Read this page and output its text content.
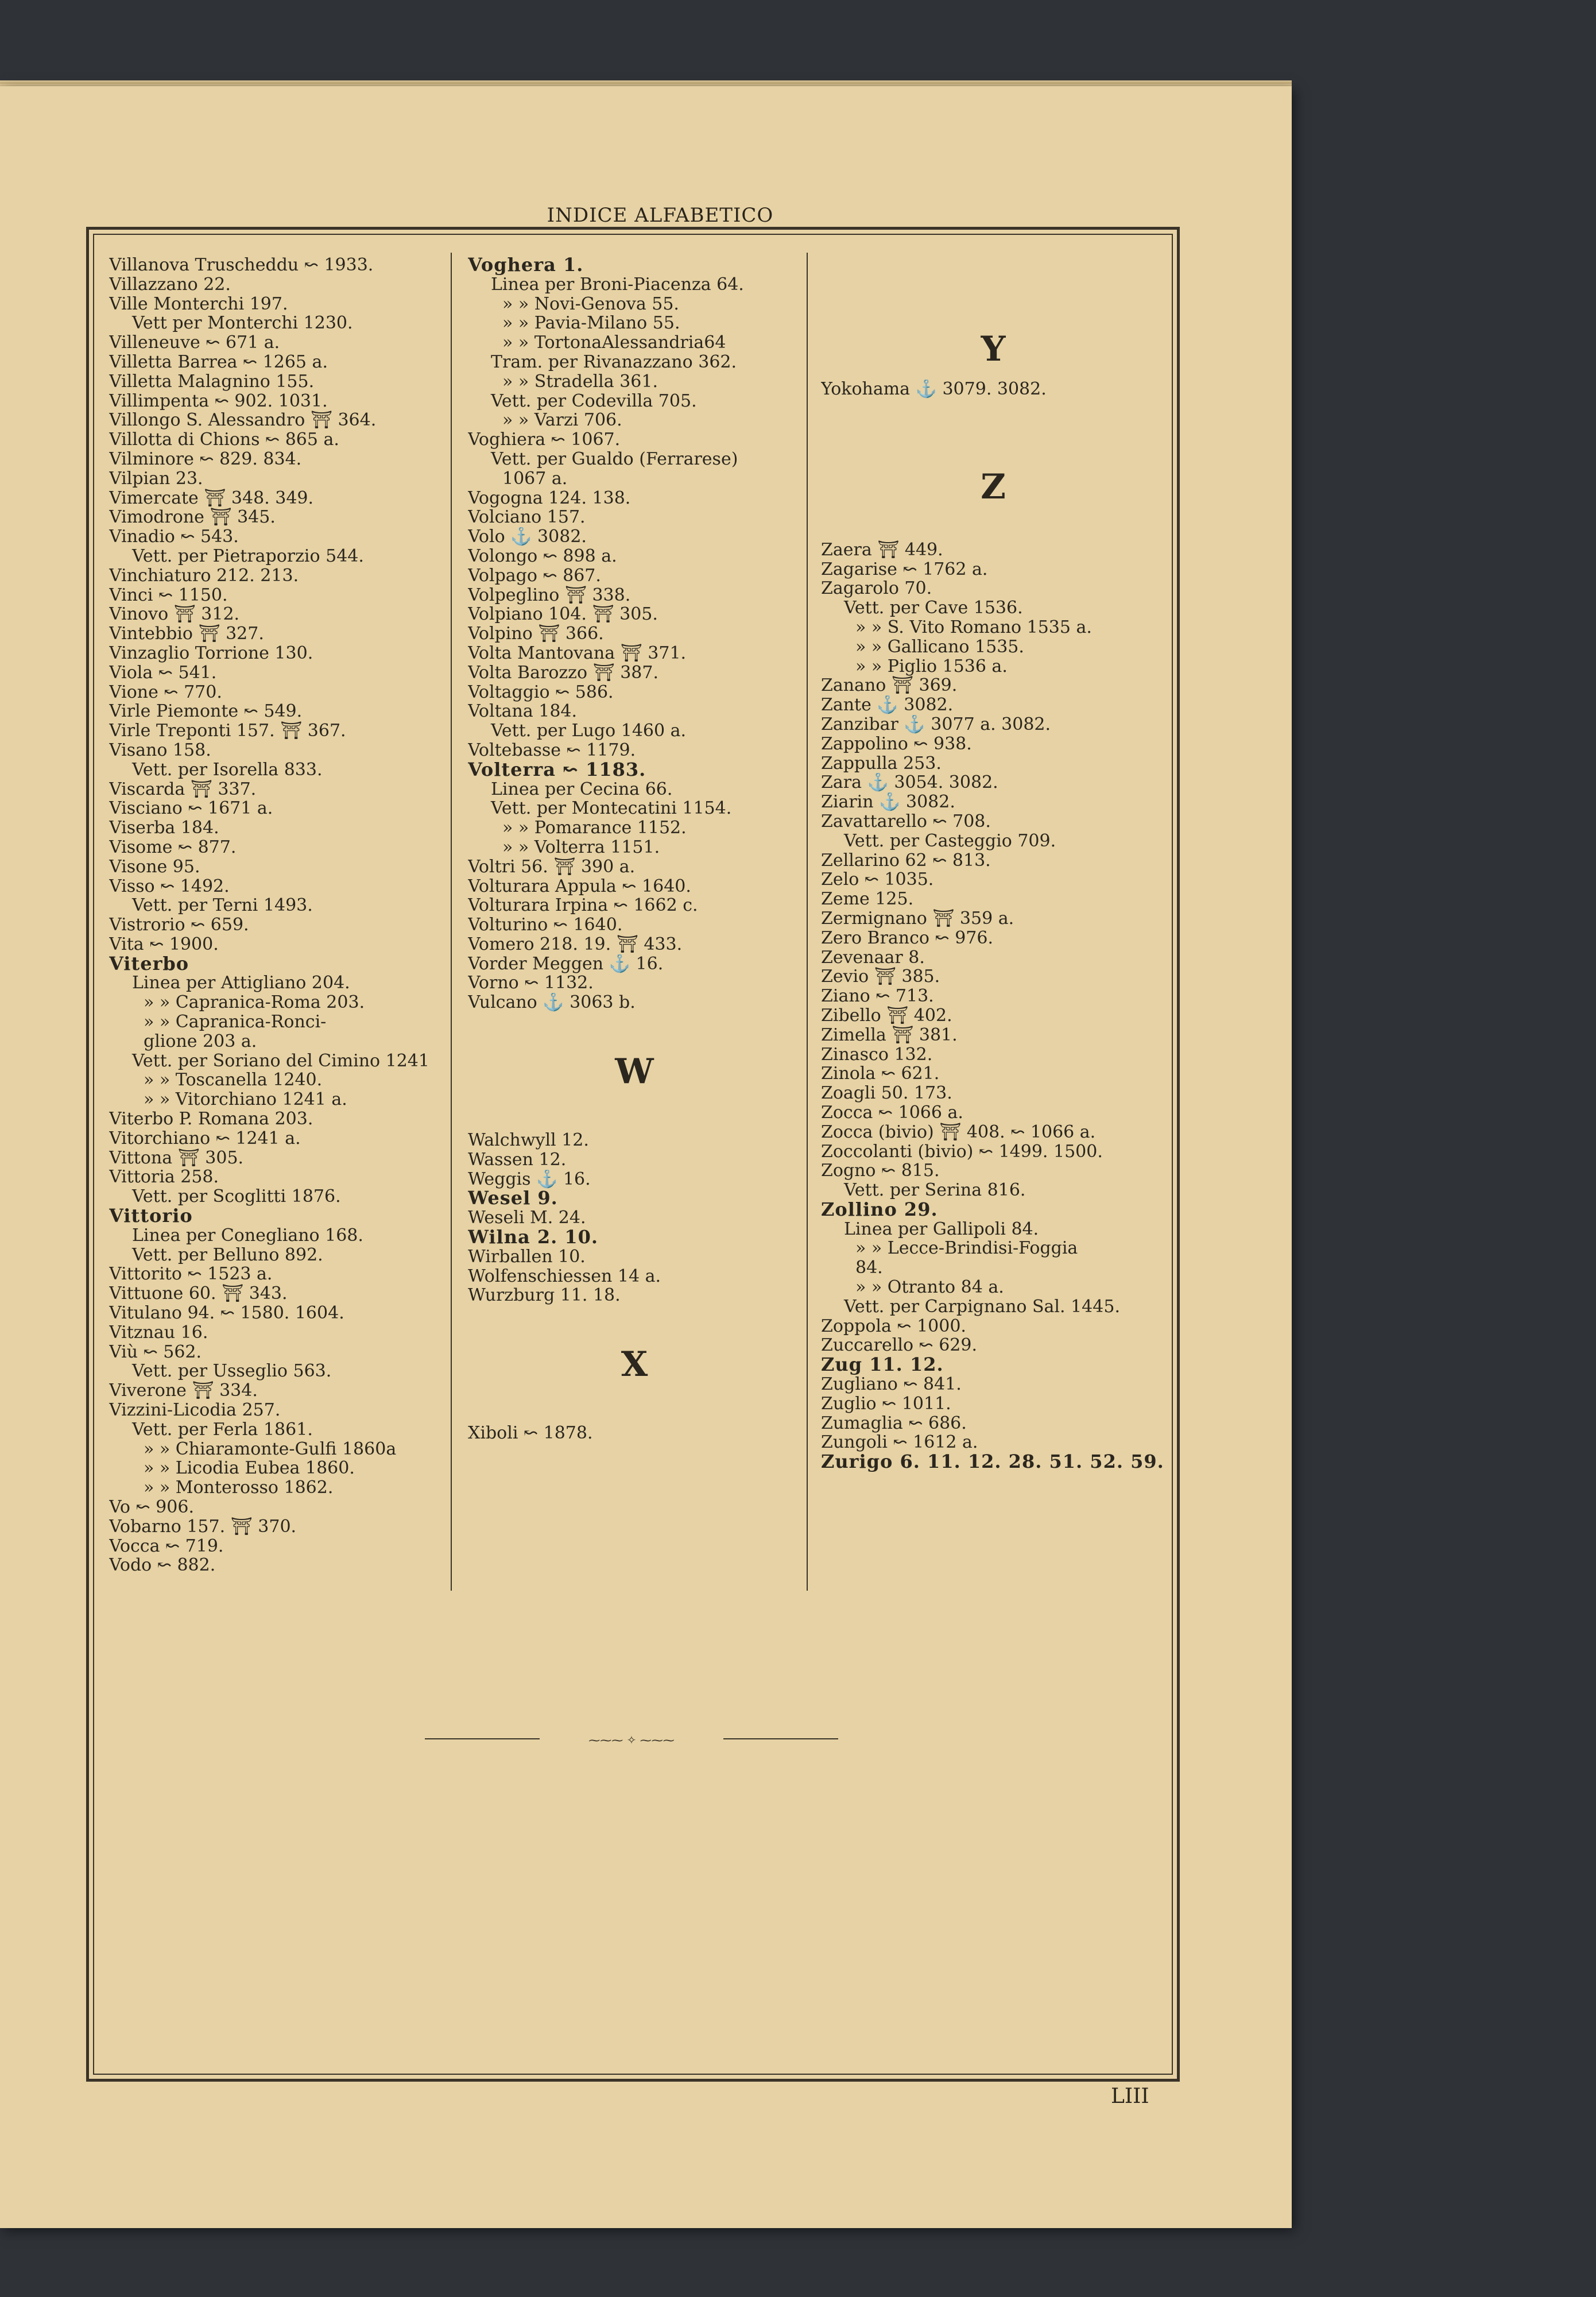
INDICE ALFABETICO
Villanova Truscheddu ↜ 1933.
Villazzano 22.
Ville Monterchi 197.
Vett per Monterchi 1230.
Villeneuve ↜ 671 a.
Villetta Barrea ↜ 1265 a.
Villetta Malagnino 155.
Villimpenta ↜ 902. 1031.
Villongo S. Alessandro ⛩ 364.
Villotta di Chions ↜ 865 a.
Vilminore ↜ 829. 834.
Vilpian 23.
Vimercate ⛩ 348. 349.
Vimodrone ⛩ 345.
Vinadio ↜ 543.
Vett. per Pietraporzio 544.
Vinchiaturo 212. 213.
Vinci ↜ 1150.
Vinovo ⛩ 312.
Vintebbio ⛩ 327.
Vinzaglio Torrione 130.
Viola ↜ 541.
Vione ↜ 770.
Virle Piemonte ↜ 549.
Virle Treponti 157. ⛩ 367.
Visano 158.
Vett. per Isorella 833.
Viscarda ⛩ 337.
Visciano ↜ 1671 a.
Viserba 184.
Visome ↜ 877.
Visone 95.
Visso ↜ 1492.
Vett. per Terni 1493.
Vistrorio ↜ 659.
Vita ↜ 1900.
Viterbo
Linea per Attigliano 204.
» » Capranica-Roma 203.
» » Capranica-Ronci-
glione 203 a.
Vett. per Soriano del Cimino 1241
» » Toscanella 1240.
» » Vitorchiano 1241 a.
Viterbo P. Romana 203.
Vitorchiano ↜ 1241 a.
Vittona ⛩ 305.
Vittoria 258.
Vett. per Scoglitti 1876.
Vittorio
Linea per Conegliano 168.
Vett. per Belluno 892.
Vittorito ↜ 1523 a.
Vittuone 60. ⛩ 343.
Vitulano 94. ↜ 1580. 1604.
Vitznau 16.
Viù ↜ 562.
Vett. per Usseglio 563.
Viverone ⛩ 334.
Vizzini-Licodia 257.
Vett. per Ferla 1861.
» » Chiaramonte-Gulfi 1860a
» » Licodia Eubea 1860.
» » Monterosso 1862.
Vo ↜ 906.
Vobarno 157. ⛩ 370.
Vocca ↜ 719.
Vodo ↜ 882.
Voghera 1.
Linea per Broni-Piacenza 64.
» » Novi-Genova 55.
» » Pavia-Milano 55.
» » TortonaAlessandria64
Tram. per Rivanazzano 362.
» » Stradella 361.
Vett. per Codevilla 705.
» » Varzi 706.
Voghiera ↜ 1067.
Vett. per Gualdo (Ferrarese)
1067 a.
Vogogna 124. 138.
Volciano 157.
Volo ⚓ 3082.
Volongo ↜ 898 a.
Volpago ↜ 867.
Volpeglino ⛩ 338.
Volpiano 104. ⛩ 305.
Volpino ⛩ 366.
Volta Mantovana ⛩ 371.
Volta Barozzo ⛩ 387.
Voltaggio ↜ 586.
Voltana 184.
Vett. per Lugo 1460 a.
Voltebasse ↜ 1179.
Volterra ↜ 1183.
Linea per Cecina 66.
Vett. per Montecatini 1154.
» » Pomarance 1152.
» » Volterra 1151.
Voltri 56. ⛩ 390 a.
Volturara Appula ↜ 1640.
Volturara Irpina ↜ 1662 c.
Volturino ↜ 1640.
Vomero 218. 19. ⛩ 433.
Vorder Meggen ⚓ 16.
Vorno ↜ 1132.
Vulcano ⚓ 3063 b.
W
Walchwyll 12.
Wassen 12.
Weggis ⚓ 16.
Wesel 9.
Weseli M. 24.
Wilna 2. 10.
Wirballen 10.
Wolfenschiessen 14 a.
Wurzburg 11. 18.
X
Xiboli ↜ 1878.
Y
Yokohama ⚓ 3079. 3082.
Z
Zaera ⛩ 449.
Zagarise ↜ 1762 a.
Zagarolo 70.
Vett. per Cave 1536.
» » S. Vito Romano 1535 a.
» » Gallicano 1535.
» » Piglio 1536 a.
Zanano ⛩ 369.
Zante ⚓ 3082.
Zanzibar ⚓ 3077 a. 3082.
Zappolino ↜ 938.
Zappulla 253.
Zara ⚓ 3054. 3082.
Ziarin ⚓ 3082.
Zavattarello ↜ 708.
Vett. per Casteggio 709.
Zellarino 62 ↜ 813.
Zelo ↜ 1035.
Zeme 125.
Zermignano ⛩ 359 a.
Zero Branco ↜ 976.
Zevenaar 8.
Zevio ⛩ 385.
Ziano ↜ 713.
Zibello ⛩ 402.
Zimella ⛩ 381.
Zinasco 132.
Zinola ↜ 621.
Zoagli 50. 173.
Zocca ↜ 1066 a.
Zocca (bivio) ⛩ 408. ↜ 1066 a.
Zoccolanti (bivio) ↜ 1499. 1500.
Zogno ↜ 815.
Vett. per Serina 816.
Zollino 29.
Linea per Gallipoli 84.
» » Lecce-Brindisi-Foggia
84.
» » Otranto 84 a.
Vett. per Carpignano Sal. 1445.
Zoppola ↜ 1000.
Zuccarello ↜ 629.
Zug 11. 12.
Zugliano ↜ 841.
Zuglio ↜ 1011.
Zumaglia ↜ 686.
Zungoli ↜ 1612 a.
Zurigo 6. 11. 12. 28. 51. 52. 59.
⁓⁓⁓ ✧ ⁓⁓⁓
LIII
